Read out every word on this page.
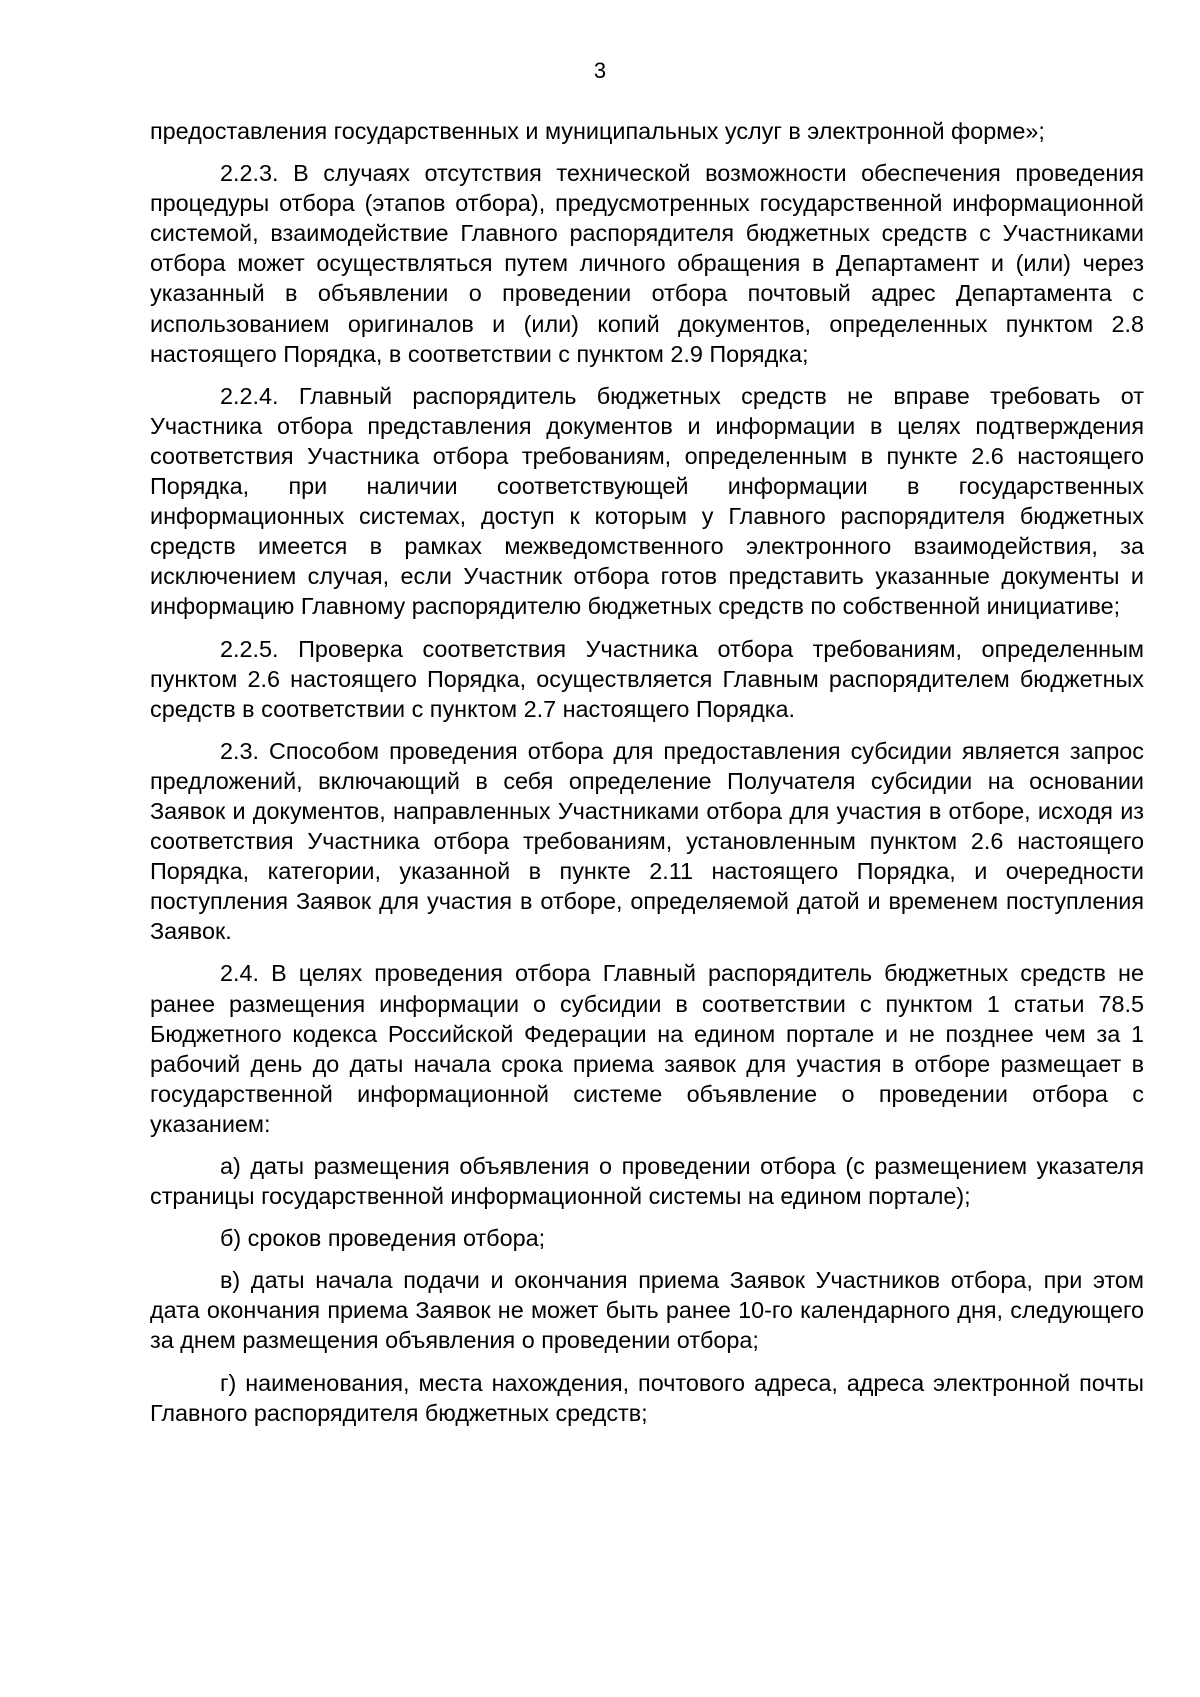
3

предоставления государственных и муниципальных услуг в электронной форме»;

2.2.3. В случаях отсутствия технической возможности обеспечения проведения процедуры отбора (этапов отбора), предусмотренных государственной информационной системой, взаимодействие Главного распорядителя бюджетных средств с Участниками отбора может осуществляться путем личного обращения в Департамент и (или) через указанный в объявлении о проведении отбора почтовый адрес Департамента с использованием оригиналов и (или) копий документов, определенных пунктом 2.8 настоящего Порядка, в соответствии с пунктом 2.9 Порядка;

2.2.4. Главный распорядитель бюджетных средств не вправе требовать от Участника отбора представления документов и информации в целях подтверждения соответствия Участника отбора требованиям, определенным в пункте 2.6 настоящего Порядка, при наличии соответствующей информации в государственных информационных системах, доступ к которым у Главного распорядителя бюджетных средств имеется в рамках межведомственного электронного взаимодействия, за исключением случая, если Участник отбора готов представить указанные документы и информацию Главному распорядителю бюджетных средств по собственной инициативе;

2.2.5. Проверка соответствия Участника отбора требованиям, определенным пунктом 2.6 настоящего Порядка, осуществляется Главным распорядителем бюджетных средств в соответствии с пунктом 2.7 настоящего Порядка.

2.3. Способом проведения отбора для предоставления субсидии является запрос предложений, включающий в себя определение Получателя субсидии на основании Заявок и документов, направленных Участниками отбора для участия в отборе, исходя из соответствия Участника отбора требованиям, установленным пунктом 2.6 настоящего Порядка, категории, указанной в пункте 2.11 настоящего Порядка, и очередности поступления Заявок для участия в отборе, определяемой датой и временем поступления Заявок.

2.4. В целях проведения отбора Главный распорядитель бюджетных средств не ранее размещения информации о субсидии в соответствии с пунктом 1 статьи 78.5 Бюджетного кодекса Российской Федерации на едином портале и не позднее чем за 1 рабочий день до даты начала срока приема заявок для участия в отборе размещает в государственной информационной системе объявление о проведении отбора с указанием:

а) даты размещения объявления о проведении отбора (с размещением указателя страницы государственной информационной системы на едином портале);

б) сроков проведения отбора;

в) даты начала подачи и окончания приема Заявок Участников отбора, при этом дата окончания приема Заявок не может быть ранее 10-го календарного дня, следующего за днем размещения объявления о проведении отбора;

г) наименования, места нахождения, почтового адреса, адреса электронной почты Главного распорядителя бюджетных средств;
